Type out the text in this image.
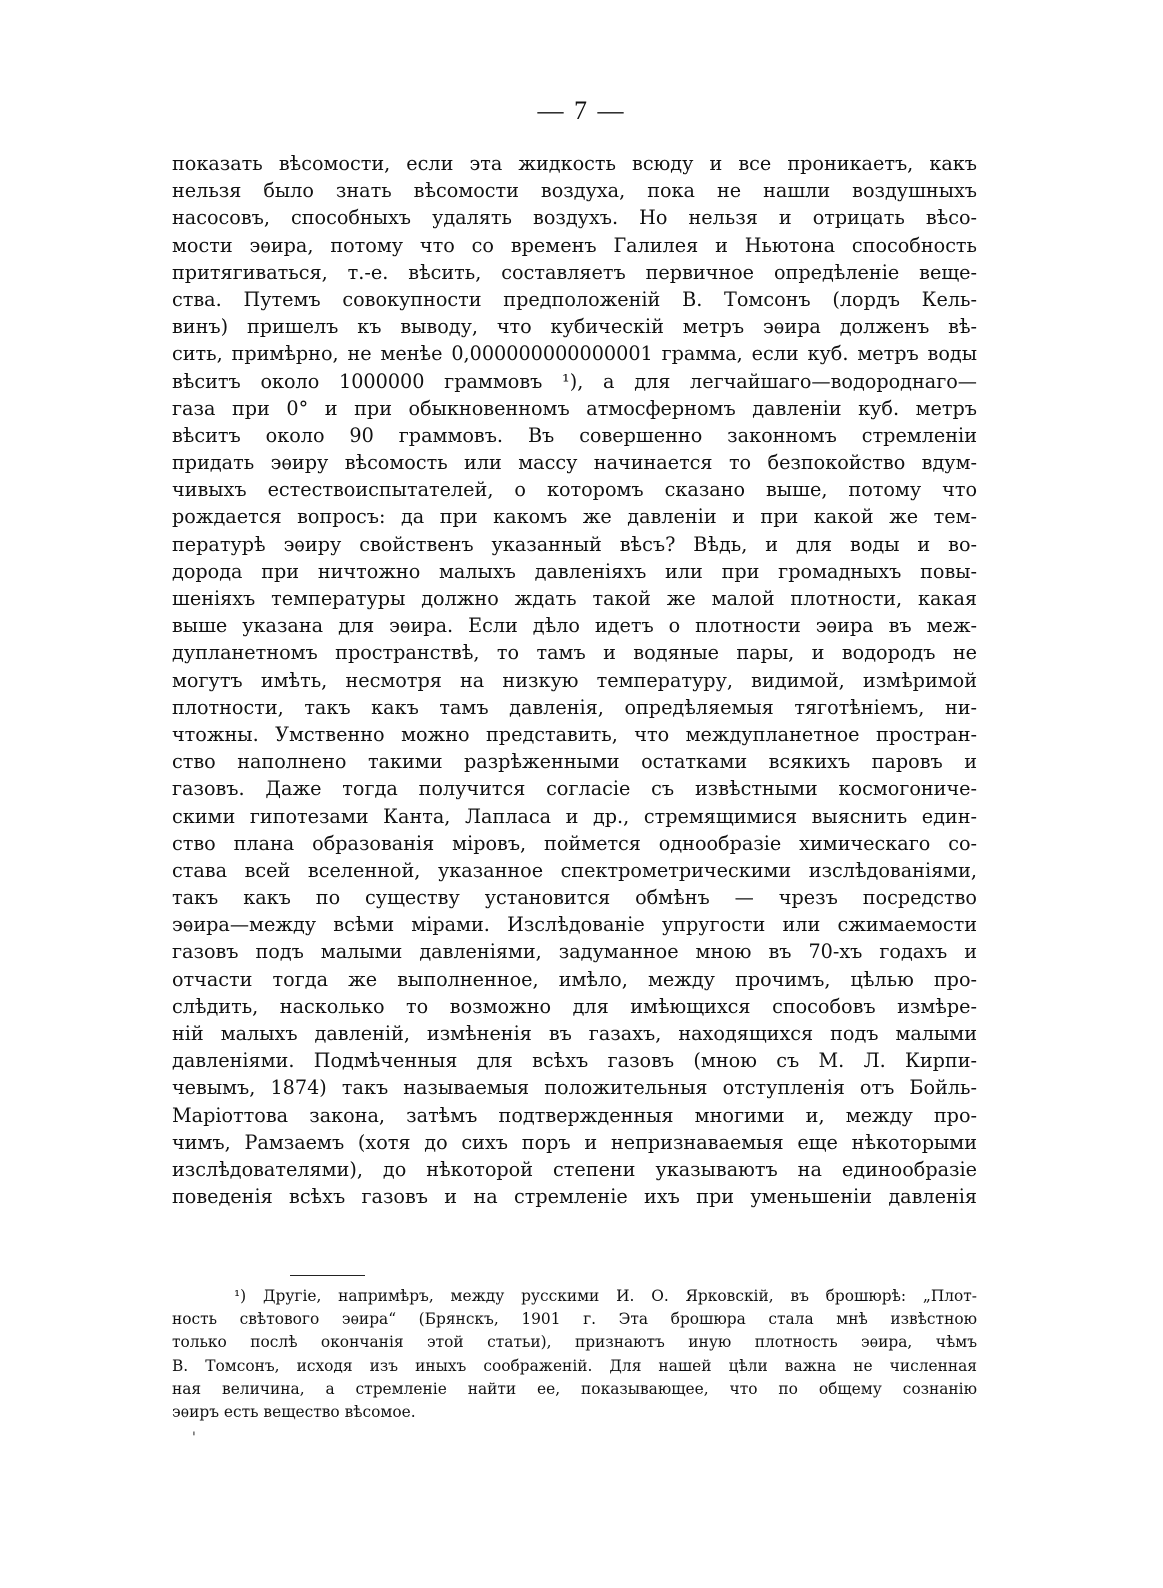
— 7 —
показать вѣсомости, если эта жидкость всюду и все проникаетъ, какъ
нельзя было знать вѣсомости воздуха, пока не нашли воздушныхъ
насосовъ, способныхъ удалять воздухъ. Но нельзя и отрицать вѣсо-
мости эѳира, потому что со временъ Галилея и Ньютона способность
притягиваться, т.-е. вѣсить, составляетъ первичное опредѣленіе веще-
ства. Путемъ совокупности предположеній В. Томсонъ (лордъ Кель-
винъ) пришелъ къ выводу, что кубическій метръ эѳира долженъ вѣ-
сить, примѣрно, не менѣе 0,000000000000001 грамма, если куб. метръ воды
вѣситъ около 1000000 граммовъ ¹), а для легчайшаго—водороднаго—
газа при 0° и при обыкновенномъ атмосферномъ давленіи куб. метръ
вѣситъ около 90 граммовъ. Въ совершенно законномъ стремленіи
придать эѳиру вѣсомость или массу начинается то безпокойство вдум-
чивыхъ естествоиспытателей, о которомъ сказано выше, потому что
рождается вопросъ: да при какомъ же давленіи и при какой же тем-
пературѣ эѳиру свойственъ указанный вѣсъ? Вѣдь, и для воды и во-
дорода при ничтожно малыхъ давленіяхъ или при громадныхъ повы-
шеніяхъ температуры должно ждать такой же малой плотности, какая
выше указана для эѳира. Если дѣло идетъ о плотности эѳира въ меж-
дупланетномъ пространствѣ, то тамъ и водяные пары, и водородъ не
могутъ имѣть, несмотря на низкую температуру, видимой, измѣримой
плотности, такъ какъ тамъ давленія, опредѣляемыя тяготѣніемъ, ни-
чтожны. Умственно можно представить, что междупланетное простран-
ство наполнено такими разрѣженными остатками всякихъ паровъ и
газовъ. Даже тогда получится согласіе съ извѣстными космогониче-
скими гипотезами Канта, Лапласа и др., стремящимися выяснить един-
ство плана образованія міровъ, поймется однообразіе химическаго со-
става всей вселенной, указанное спектрометрическими изслѣдованіями,
такъ какъ по существу установится обмѣнъ — чрезъ посредство
эѳира—между всѣми мірами. Изслѣдованіе упругости или сжимаемости
газовъ подъ малыми давленіями, задуманное мною въ 70-хъ годахъ и
отчасти тогда же выполненное, имѣло, между прочимъ, цѣлью про-
слѣдить, насколько то возможно для имѣющихся способовъ измѣре-
ній малыхъ давленій, измѣненія въ газахъ, находящихся подъ малыми
давленіями. Подмѣченныя для всѣхъ газовъ (мною съ М. Л. Кирпи-
чевымъ, 1874) такъ называемыя положительныя отступленія отъ Бойль-
Маріоттова закона, затѣмъ подтвержденныя многими и, между про-
чимъ, Рамзаемъ (хотя до сихъ поръ и непризнаваемыя еще нѣкоторыми
изслѣдователями), до нѣкоторой степени указываютъ на единообразіе
поведенія всѣхъ газовъ и на стремленіе ихъ при уменьшеніи давленія
¹) Другіе, напримѣръ, между русскими И. О. Ярковскій, въ брошюрѣ: „Плот-
ность свѣтового эѳира“ (Брянскъ, 1901 г. Эта брошюра стала мнѣ извѣстною
только послѣ окончанія этой статьи), признаютъ иную плотность эѳира, чѣмъ
В. Томсонъ, исходя изъ иныхъ соображеній. Для нашей цѣли важна не численная
ная величина, а стремленіе найти ее, показывающее, что по общему сознанію
эѳиръ есть вещество вѣсомое.
'
